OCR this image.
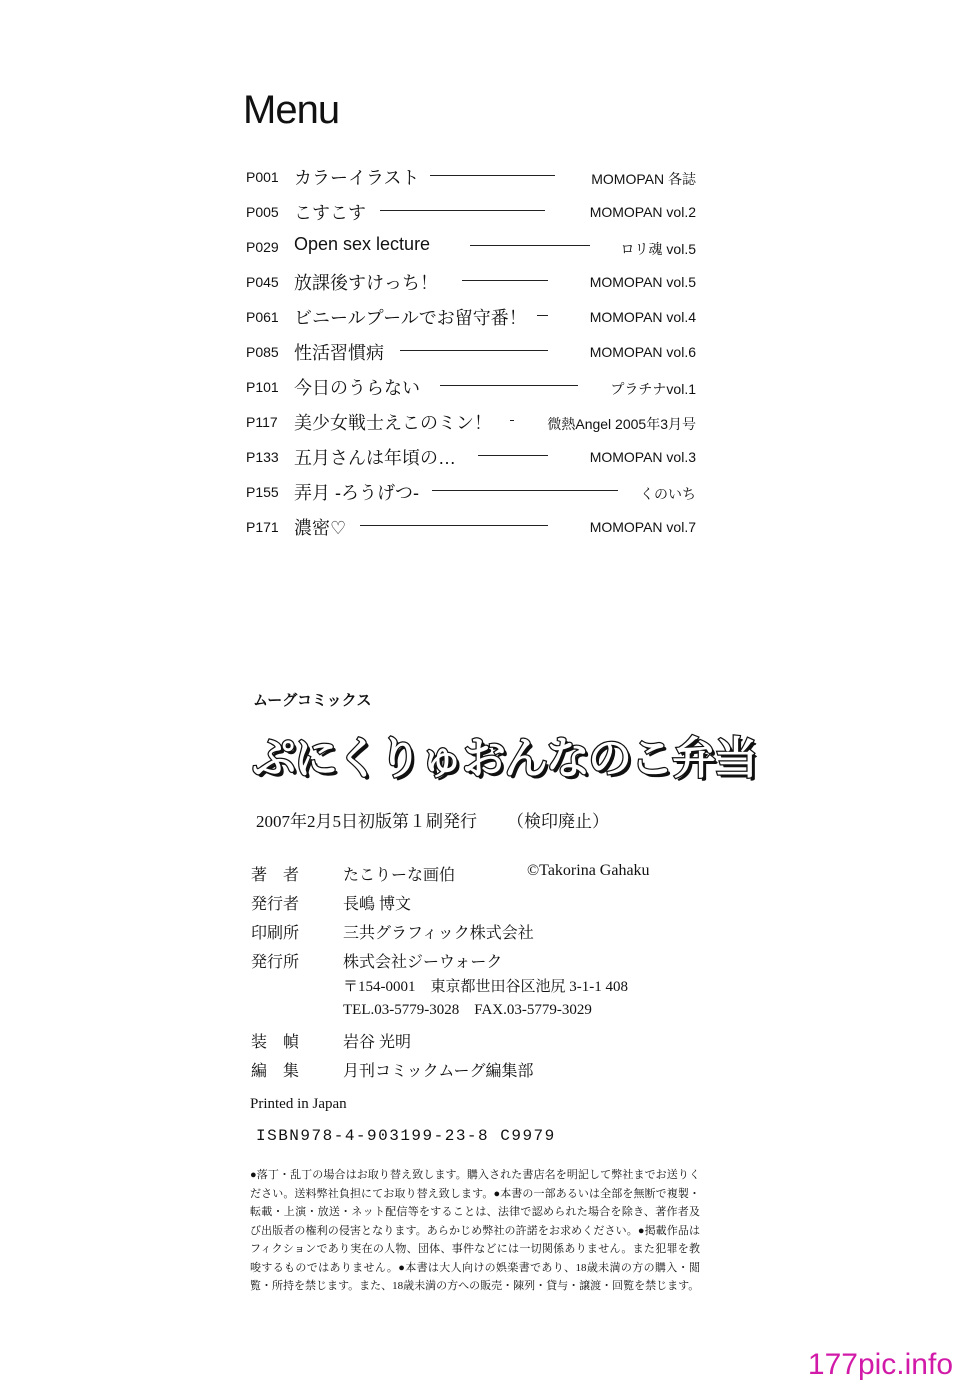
Menu
P001 カラーイラスト	MOMOPAN 各誌
P005 こすこす	MOMOPAN vol.2
P029 Open sex lecture	ロリ魂 vol.5
P045 放課後すけっち！	MOMOPAN vol.5
P061 ビニールプールでお留守番！	MOMOPAN vol.4
P085 性活習慣病	MOMOPAN vol.6
P101 今日のうらない	プラチナvol.1
P117 美少女戦士えこのミン！	微熱Angel 2005年3月号
P133 五月さんは年頃の…	MOMOPAN vol.3
P155 弄月 -ろうげつ-	くのいち
P171 濃密♡	MOMOPAN vol.7
ムーグコミックス
ぷにくりゅおんなのこ弁当
2007年2月5日初版第１刷発行 （検印廃止）
著　者	たこりーな画伯	©Takorina Gahaku
発行者	長嶋 博文
印刷所	三共グラフィック株式会社
発行所	株式会社ジーウォーク
〒154-0001　東京都世田谷区池尻 3-1-1 408
TEL.03-5779-3028　FAX.03-5779-3029
装　幀	岩谷 光明
編　集	月刊コミックムーグ編集部
Printed in Japan
ISBN978-4-903199-23-8 C9979
●落丁・乱丁の場合はお取り替え致します。購入された書店名を明記して弊社までお送りください。送料弊社負担にてお取り替え致します。●本書の一部あるいは全部を無断で複製・転載・上演・放送・ネット配信等をすることは、法律で認められた場合を除き、著作者及び出版者の権利の侵害となります。あらかじめ弊社の許諾をお求めください。●掲載作品はフィクションであり実在の人物、団体、事件などには一切関係ありません。また犯罪を教唆するものではありません。●本書は大人向けの娯楽書であり、18歳未満の方の購入・閲覧・所持を禁じます。また、18歳未満の方への販売・陳列・貸与・譲渡・回覧を禁じます。
177pic.info
